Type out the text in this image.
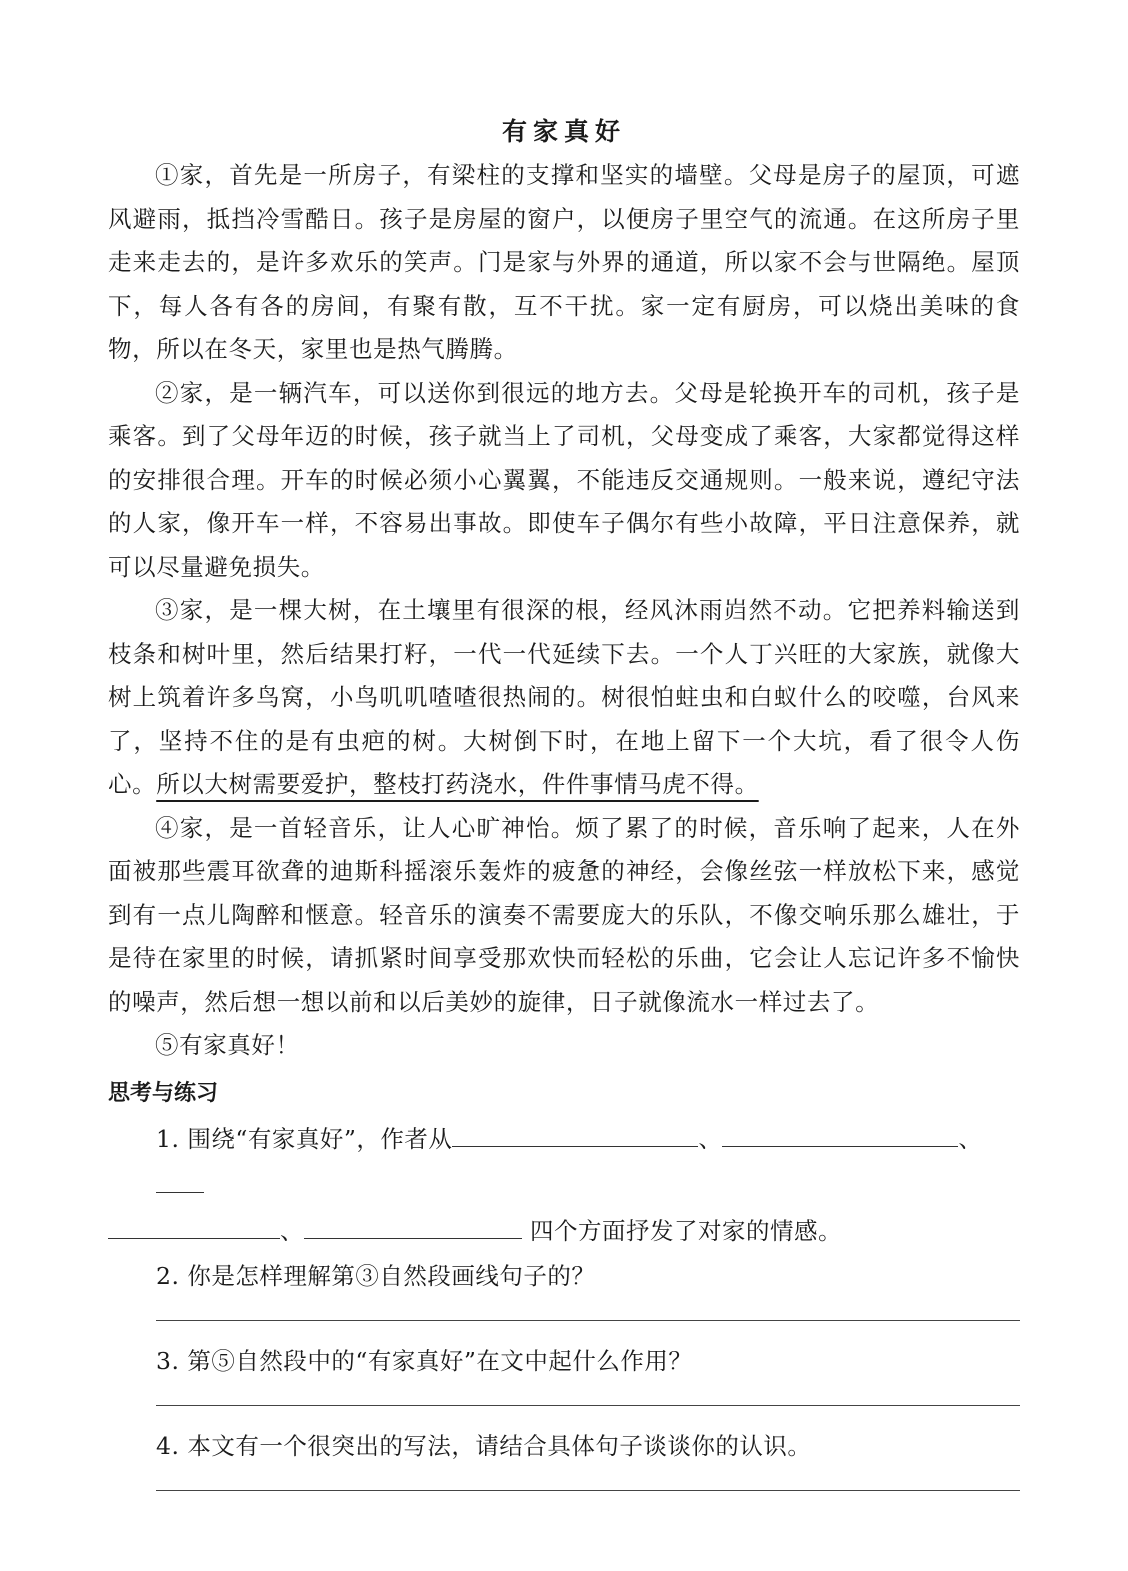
有家真好

①家，首先是一所房子，有梁柱的支撑和坚实的墙壁。父母是房子的屋顶，可遮风避雨，抵挡冷雪酷日。孩子是房屋的窗户，以便房子里空气的流通。在这所房子里走来走去的，是许多欢乐的笑声。门是家与外界的通道，所以家不会与世隔绝。屋顶下，每人各有各的房间，有聚有散，互不干扰。家一定有厨房，可以烧出美味的食物，所以在冬天，家里也是热气腾腾。

②家，是一辆汽车，可以送你到很远的地方去。父母是轮换开车的司机，孩子是乘客。到了父母年迈的时候，孩子就当上了司机，父母变成了乘客，大家都觉得这样的安排很合理。开车的时候必须小心翼翼，不能违反交通规则。一般来说，遵纪守法的人家，像开车一样，不容易出事故。即使车子偶尔有些小故障，平日注意保养，就可以尽量避免损失。

③家，是一棵大树，在土壤里有很深的根，经风沐雨岿然不动。它把养料输送到枝条和树叶里，然后结果打籽，一代一代延续下去。一个人丁兴旺的大家族，就像大树上筑着许多鸟窝，小鸟叽叽喳喳很热闹的。树很怕蛀虫和白蚁什么的咬噬，台风来了，坚持不住的是有虫疤的树。大树倒下时，在地上留下一个大坑，看了很令人伤心。所以大树需要爱护，整枝打药浇水，件件事情马虎不得。

④家，是一首轻音乐，让人心旷神怡。烦了累了的时候，音乐响了起来，人在外面被那些震耳欲聋的迪斯科摇滚乐轰炸的疲惫的神经，会像丝弦一样放松下来，感觉到有一点儿陶醉和惬意。轻音乐的演奏不需要庞大的乐队，不像交响乐那么雄壮，于是待在家里的时候，请抓紧时间享受那欢快而轻松的乐曲，它会让人忘记许多不愉快的噪声，然后想一想以前和以后美妙的旋律，日子就像流水一样过去了。

⑤有家真好！

思考与练习

1. 围绕“有家真好”，作者从	、	、

、	四个方面抒发了对家的情感。

2. 你是怎样理解第③自然段画线句子的？

3. 第⑤自然段中的“有家真好”在文中起什么作用？

4. 本文有一个很突出的写法，请结合具体句子谈谈你的认识。
